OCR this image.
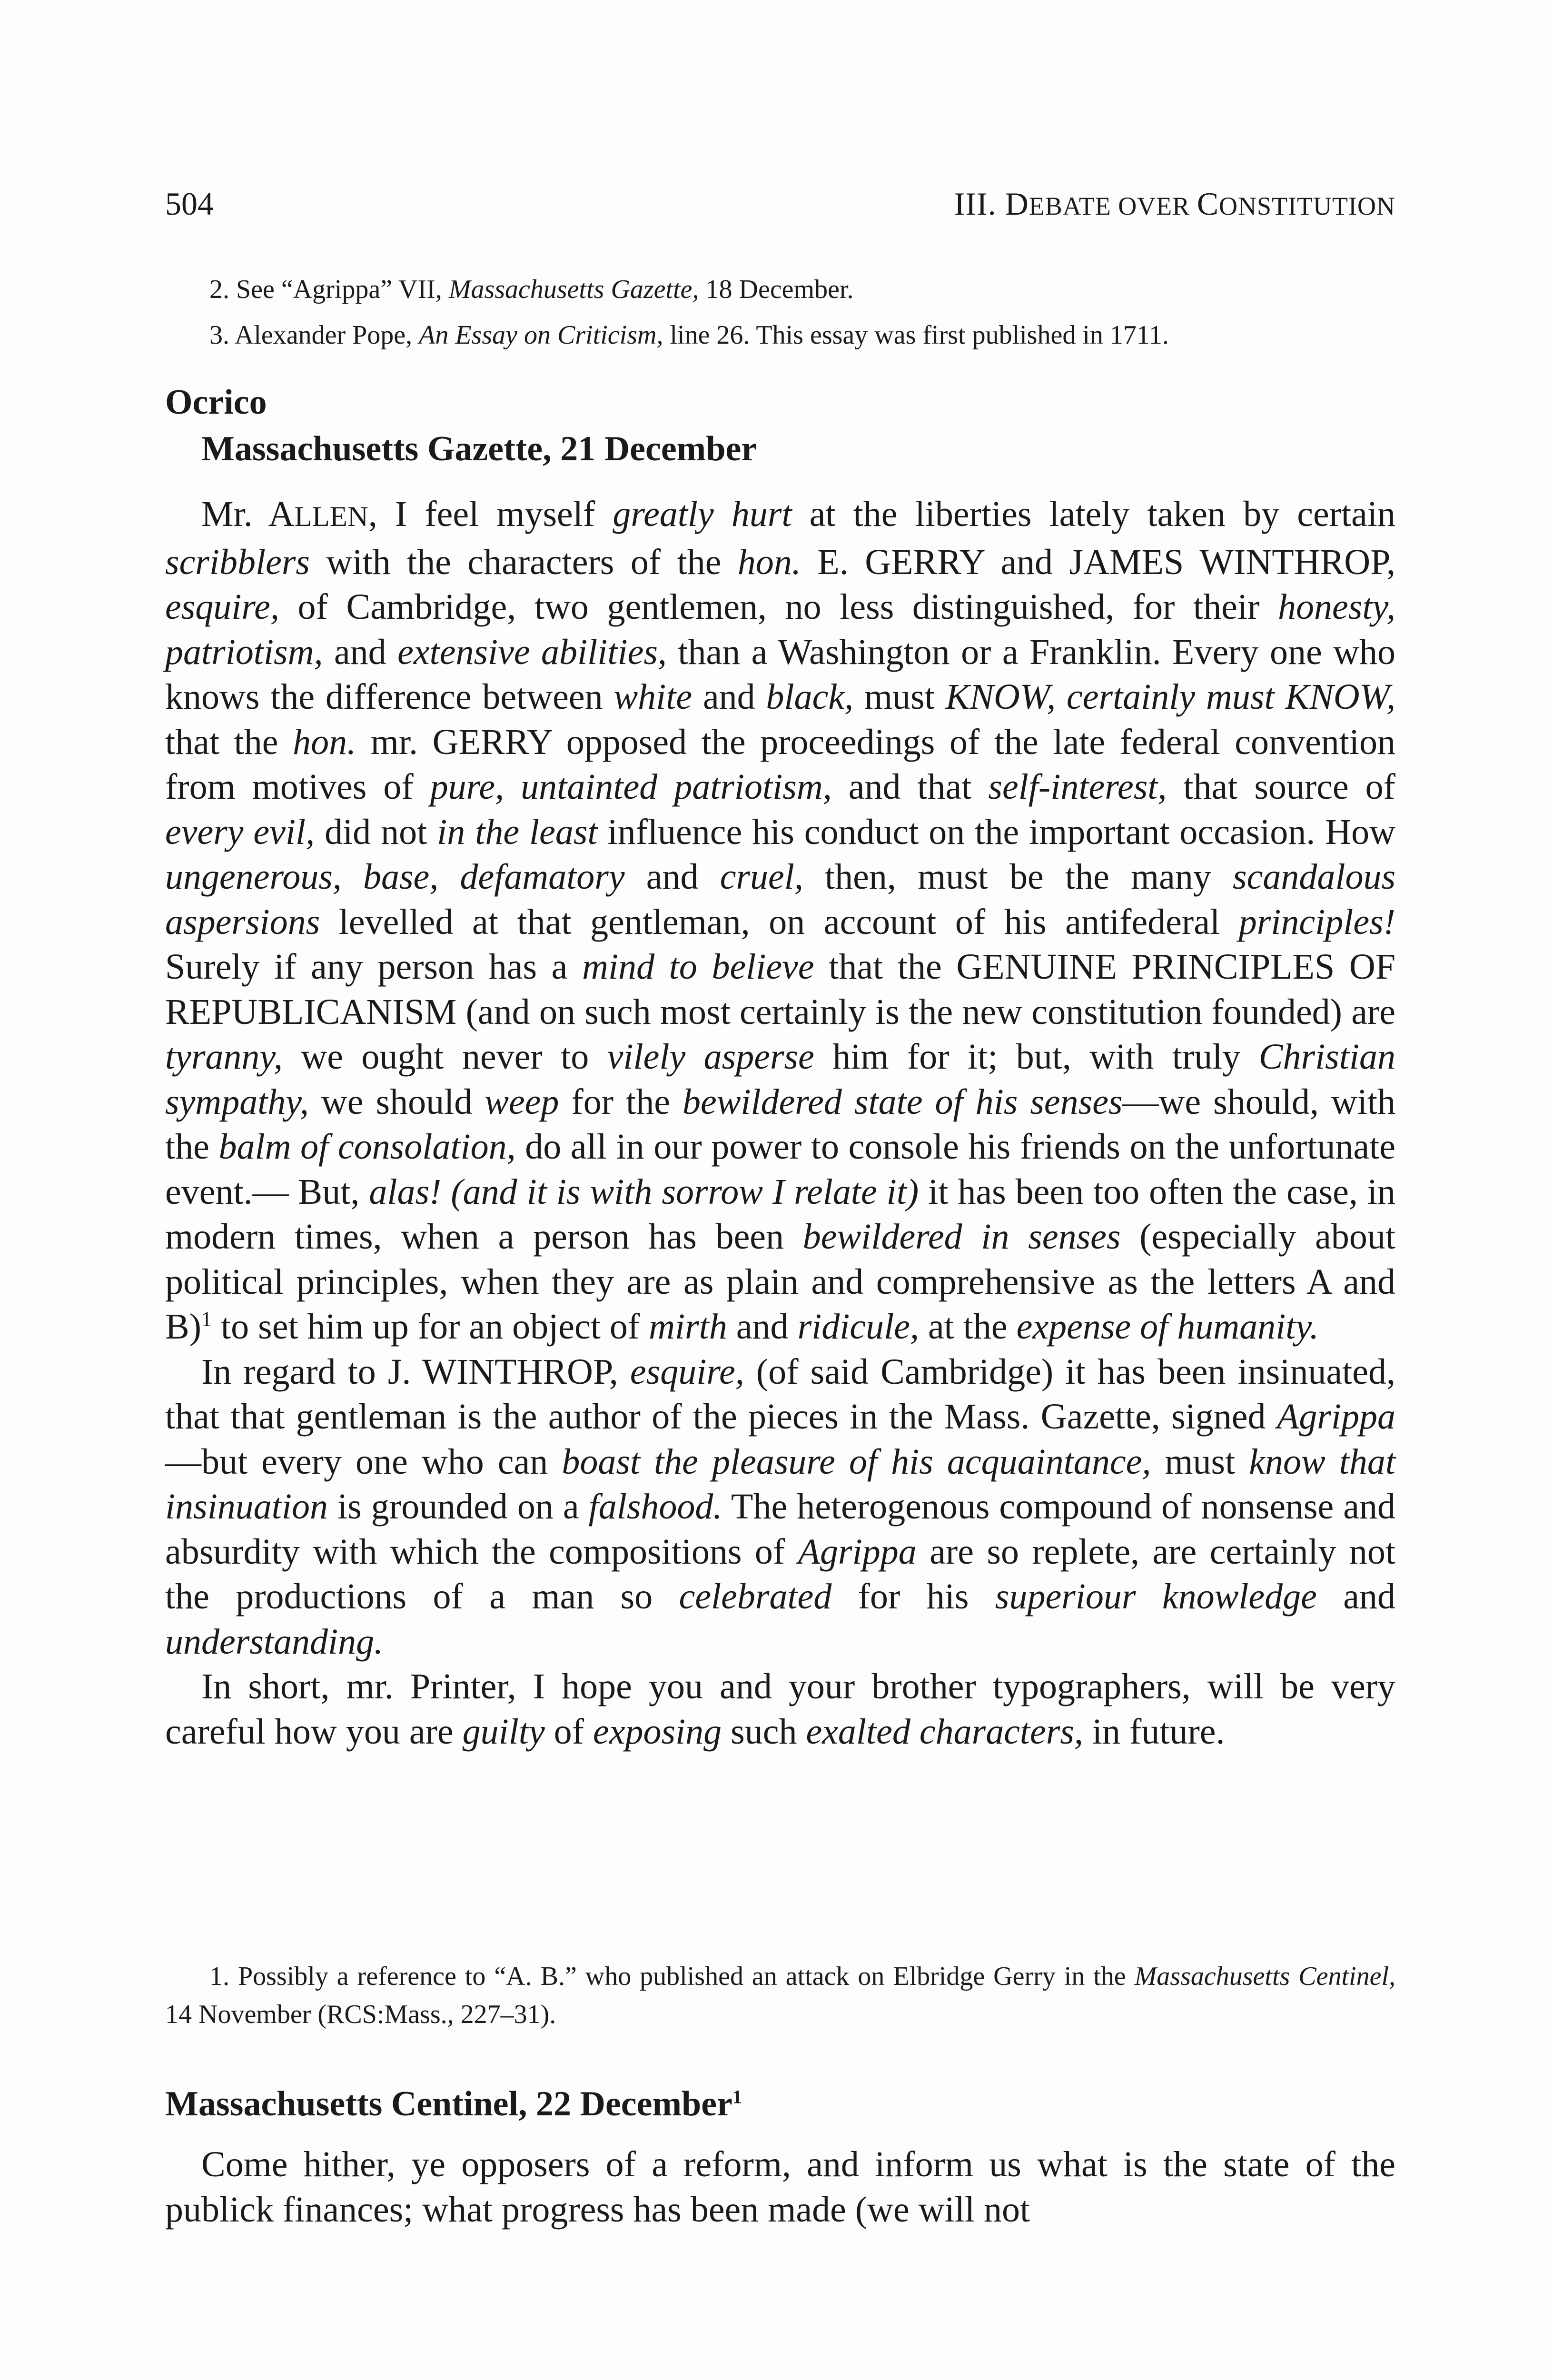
504	III. DEBATE OVER CONSTITUTION
2. See “Agrippa” VII, Massachusetts Gazette, 18 December.
3. Alexander Pope, An Essay on Criticism, line 26. This essay was first published in 1711.
Ocrico
Massachusetts Gazette, 21 December

Mr. ALLEN, I feel myself greatly hurt at the liberties lately taken by certain scribblers with the characters of the hon. E. GERRY and JAMES WINTHROP, esquire, of Cambridge, two gentlemen, no less distinguished, for their honesty, patriotism, and extensive abilities, than a Washington or a Franklin. Every one who knows the difference between white and black, must KNOW, certainly must KNOW, that the hon. mr. GERRY opposed the proceedings of the late federal convention from motives of pure, untainted patriotism, and that self-interest, that source of every evil, did not in the least influence his conduct on the important occasion. How ungenerous, base, defamatory and cruel, then, must be the many scandalous aspersions levelled at that gentleman, on account of his antifederal principles! Surely if any person has a mind to believe that the GENUINE PRINCIPLES OF REPUBLICANISM (and on such most certainly is the new constitution founded) are tyranny, we ought never to vilely asperse him for it; but, with truly Christian sympathy, we should weep for the bewildered state of his senses—we should, with the balm of consolation, do all in our power to console his friends on the unfortunate event.— But, alas! (and it is with sorrow I relate it) it has been too often the case, in modern times, when a person has been bewildered in senses (especially about political principles, when they are as plain and comprehensive as the letters A and B)$^1$ to set him up for an object of mirth and ridicule, at the expense of humanity.

In regard to J. WINTHROP, esquire, (of said Cambridge) it has been insinuated, that that gentleman is the author of the pieces in the Mass. Gazette, signed Agrippa—but every one who can boast the pleasure of his acquaintance, must know that insinuation is grounded on a falshood. The heterogenous compound of nonsense and absurdity with which the compositions of Agrippa are so replete, are certainly not the productions of a man so celebrated for his superiour knowledge and understanding.

In short, mr. Printer, I hope you and your brother typographers, will be very careful how you are guilty of exposing such exalted characters, in future.

1. Possibly a reference to “A. B.” who published an attack on Elbridge Gerry in the Massachusetts Centinel, 14 November (RCS:Mass., 227–31).
Massachusetts Centinel, 22 December$^1$

Come hither, ye opposers of a reform, and inform us what is the state of the publick finances; what progress has been made (we will not
